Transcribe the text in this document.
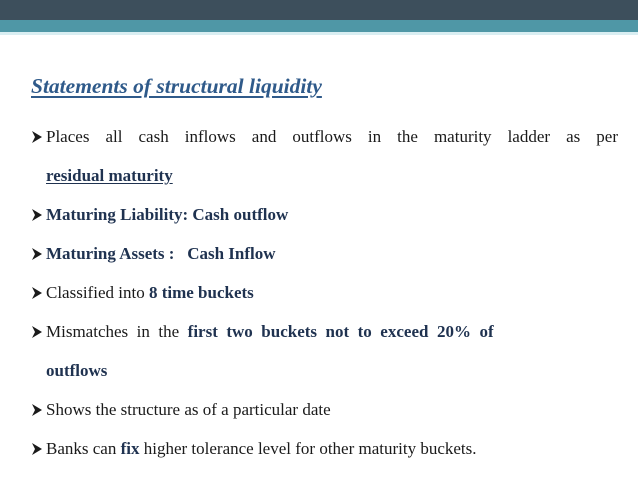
Statements of structural liquidity
Places all cash inflows and outflows in the maturity ladder as per
residual maturity
Maturing Liability: Cash outflow
Maturing Assets :   Cash Inflow
Classified into 8 time buckets
Mismatches  in  the  first  two  buckets  not  to  exceed  20%  of
outflows
Shows the structure as of a particular date
Banks can fix higher tolerance level for other maturity buckets.
